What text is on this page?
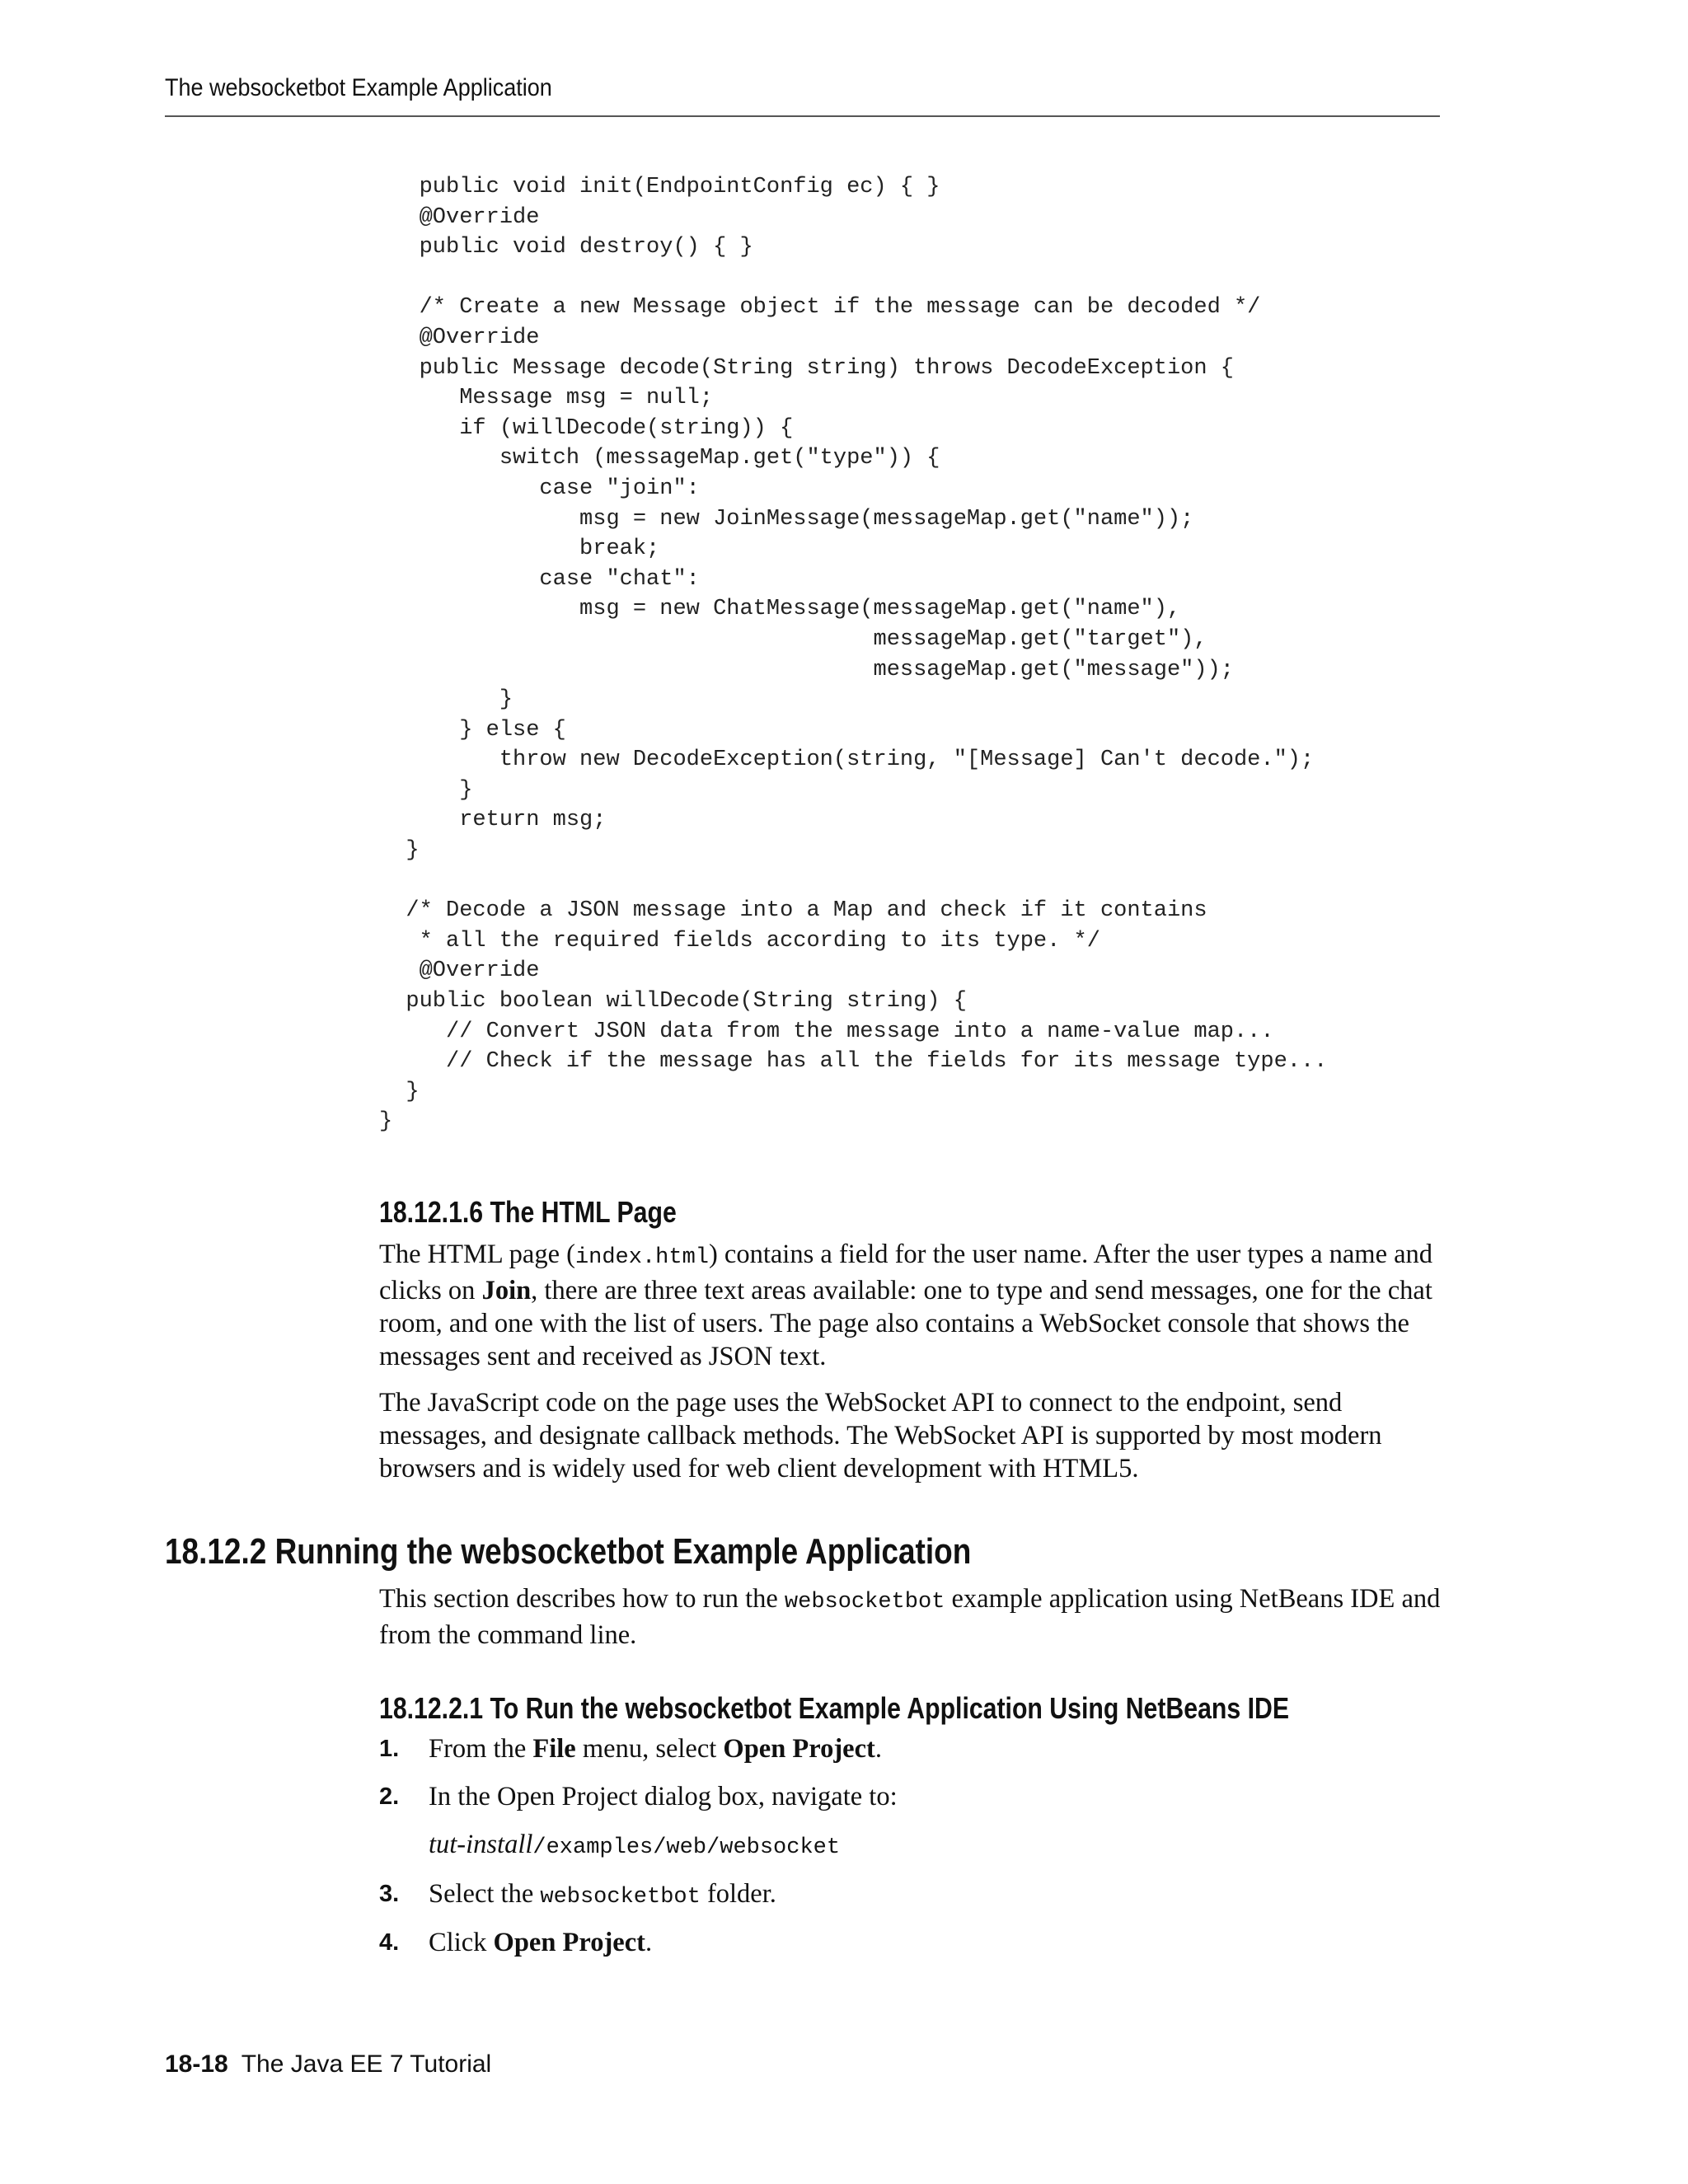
The websocketbot Example Application
public void init(EndpointConfig ec) { }
@Override
public void destroy() { }

/* Create a new Message object if the message can be decoded */
@Override
public Message decode(String string) throws DecodeException {
Message msg = null;
if (willDecode(string)) {
switch (messageMap.get("type")) {
case "join":
msg = new JoinMessage(messageMap.get("name"));
break;
case "chat":
msg = new ChatMessage(messageMap.get("name"),
messageMap.get("target"),
messageMap.get("message"));
}
} else {
throw new DecodeException(string, "[Message] Can't decode.");
}
return msg;
}

/* Decode a JSON message into a Map and check if it contains
* all the required fields according to its type. */
@Override
public boolean willDecode(String string) {
// Convert JSON data from the message into a name-value map...
// Check if the message has all the fields for its message type...
}
}
18.12.1.6 The HTML Page

The HTML page (index.html) contains a field for the user name. After the user types a name and clicks on Join, there are three text areas available: one to type and send messages, one for the chat room, and one with the list of users. The page also contains a WebSocket console that shows the messages sent and received as JSON text.

The JavaScript code on the page uses the WebSocket API to connect to the endpoint, send messages, and designate callback methods. The WebSocket API is supported by most modern browsers and is widely used for web client development with HTML5.

18.12.2 Running the websocketbot Example Application

This section describes how to run the websocketbot example application using NetBeans IDE and from the command line.

18.12.2.1 To Run the websocketbot Example Application Using NetBeans IDE
1. From the File menu, select Open Project.
2. In the Open Project dialog box, navigate to:
tut-install/examples/web/websocket
3. Select the websocketbot folder.
4. Click Open Project.
18-18 The Java EE 7 Tutorial
